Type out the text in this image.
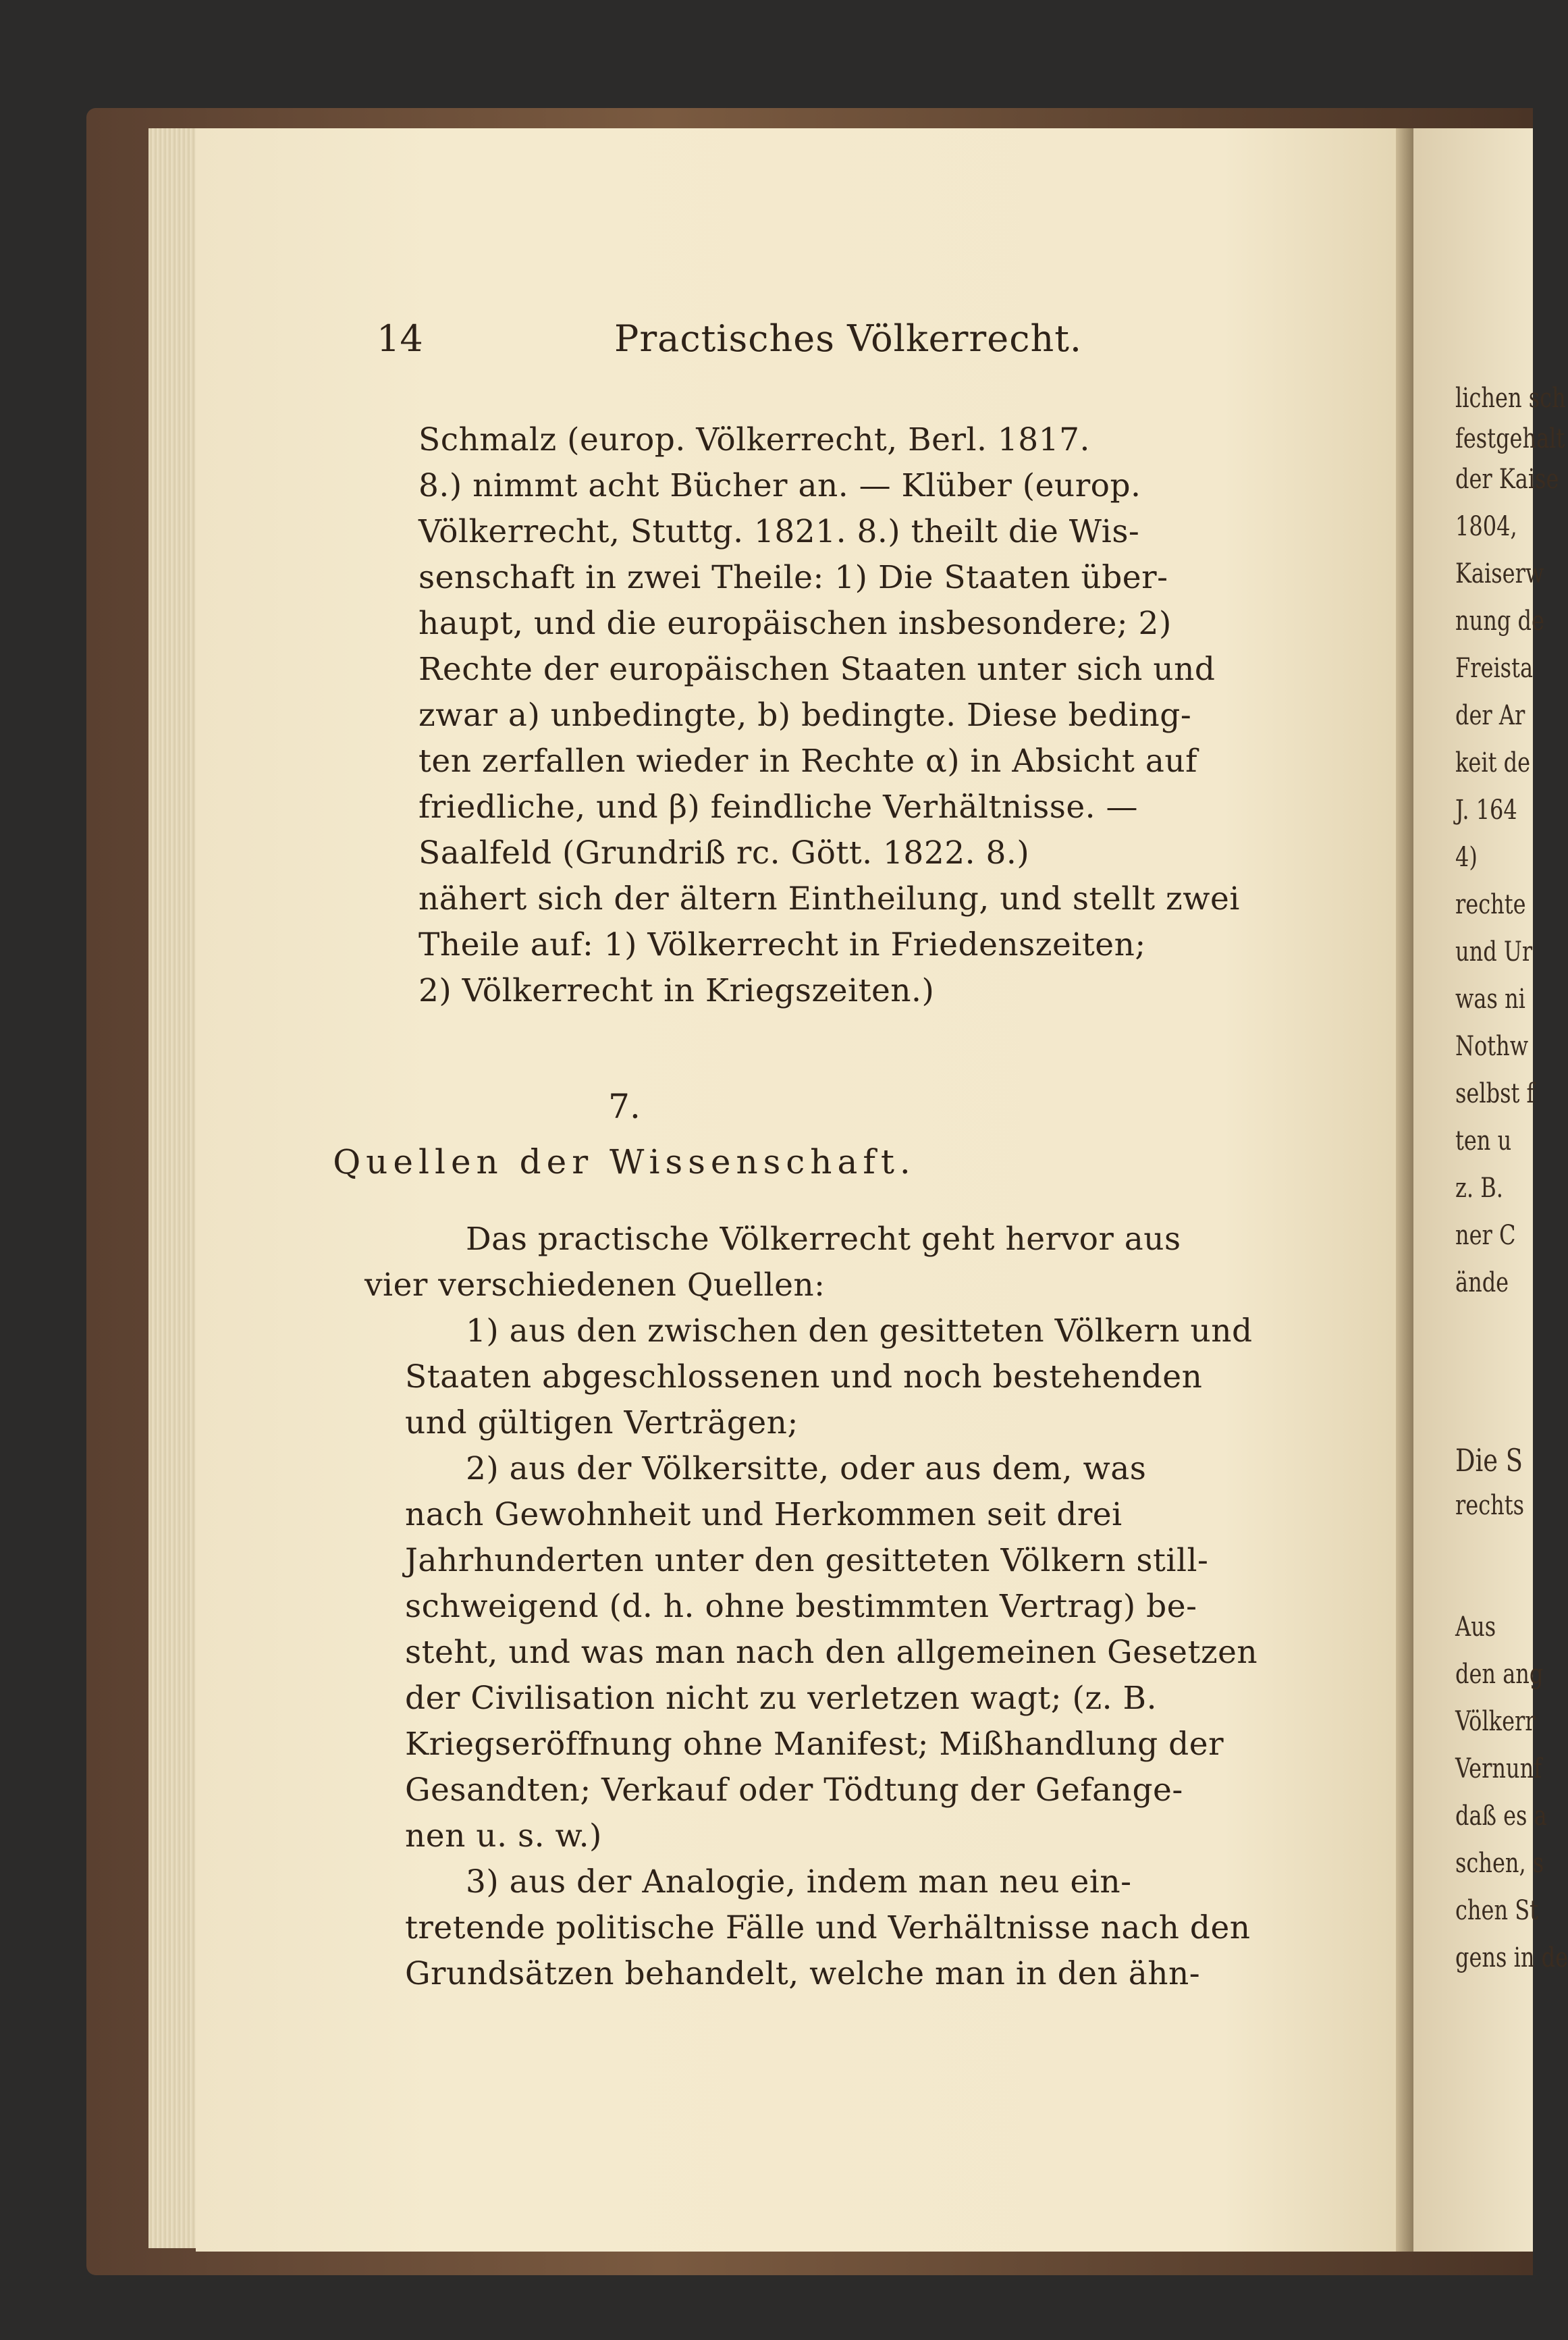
14	Practisches Völkerrecht.
Schmalz (europ. Völkerrecht, Berl. 1817.
8.) nimmt acht Bücher an. — Klüber (europ.
Völkerrecht, Stuttg. 1821. 8.) theilt die Wis-
senschaft in zwei Theile: 1) Die Staaten über-
haupt, und die europäischen insbesondere; 2)
Rechte der europäischen Staaten unter sich und
zwar a) unbedingte, b) bedingte. Diese beding-
ten zerfallen wieder in Rechte α) in Absicht auf
friedliche, und β) feindliche Verhältnisse. —
Saalfeld (Grundriß rc. Gött. 1822. 8.)
nähert sich der ältern Eintheilung, und stellt zwei
Theile auf: 1) Völkerrecht in Friedenszeiten;
2) Völkerrecht in Kriegszeiten.)
7.
Quellen der Wissenschaft.
Das practische Völkerrecht geht hervor aus
vier verschiedenen Quellen:
1) aus den zwischen den gesitteten Völkern und
Staaten abgeschlossenen und noch bestehenden
und gültigen Verträgen;
2) aus der Völkersitte, oder aus dem, was
nach Gewohnheit und Herkommen seit drei
Jahrhunderten unter den gesitteten Völkern still-
schweigend (d. h. ohne bestimmten Vertrag) be-
steht, und was man nach den allgemeinen Gesetzen
der Civilisation nicht zu verletzen wagt; (z. B.
Kriegseröffnung ohne Manifest; Mißhandlung der
Gesandten; Verkauf oder Tödtung der Gefange-
nen u. s. w.)
3) aus der Analogie, indem man neu ein-
tretende politische Fälle und Verhältnisse nach den
Grundsätzen behandelt, welche man in den ähn-
lichen sch
festgehalt
der Kaise
1804,
Kaiserw
nung de
Freista
der Ar
keit de
J. 164
4)
rechte
und Ur
was ni
Nothw
selbst f
ten u
z. B.
ner C
ände
Die S
rechts
Aus
den ang
Völkerr
Vernunf
daß es a
schen, s
chen St
gens in de
